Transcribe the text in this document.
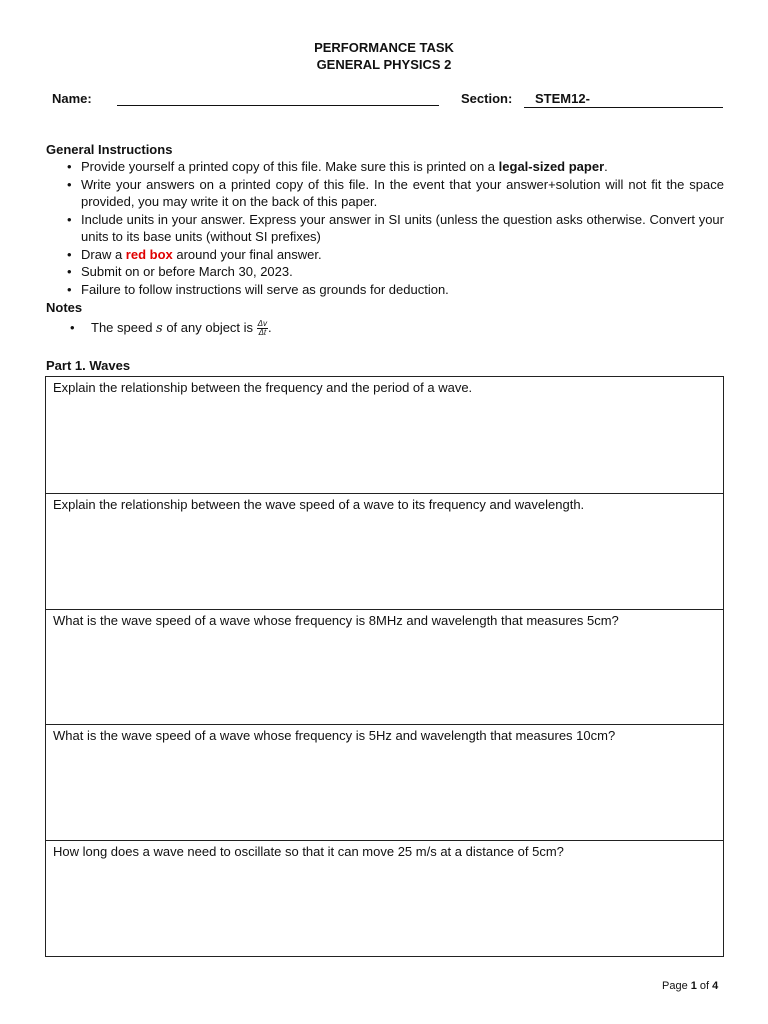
PERFORMANCE TASK
GENERAL PHYSICS 2
Name:	Section: STEM12-
General Instructions
• Provide yourself a printed copy of this file. Make sure this is printed on a legal-sized paper.
• Write your answers on a printed copy of this file. In the event that your answer+solution will not fit the space provided, you may write it on the back of this paper.
• Include units in your answer. Express your answer in SI units (unless the question asks otherwise. Convert your units to its base units (without SI prefixes)
• Draw a red box around your final answer.
• Submit on or before March 30, 2023.
• Failure to follow instructions will serve as grounds for deduction.
Notes
• The speed s of any object is $\frac{\Delta v}{\Delta t}$ .
Part 1. Waves
Explain the relationship between the frequency and the period of a wave.
Explain the relationship between the wave speed of a wave to its frequency and wavelength.
What is the wave speed of a wave whose frequency is 8MHz and wavelength that measures 5cm?
What is the wave speed of a wave whose frequency is 5Hz and wavelength that measures 10cm?
How long does a wave need to oscillate so that it can move 25 m/s at a distance of 5cm?
Page 1 of 4
